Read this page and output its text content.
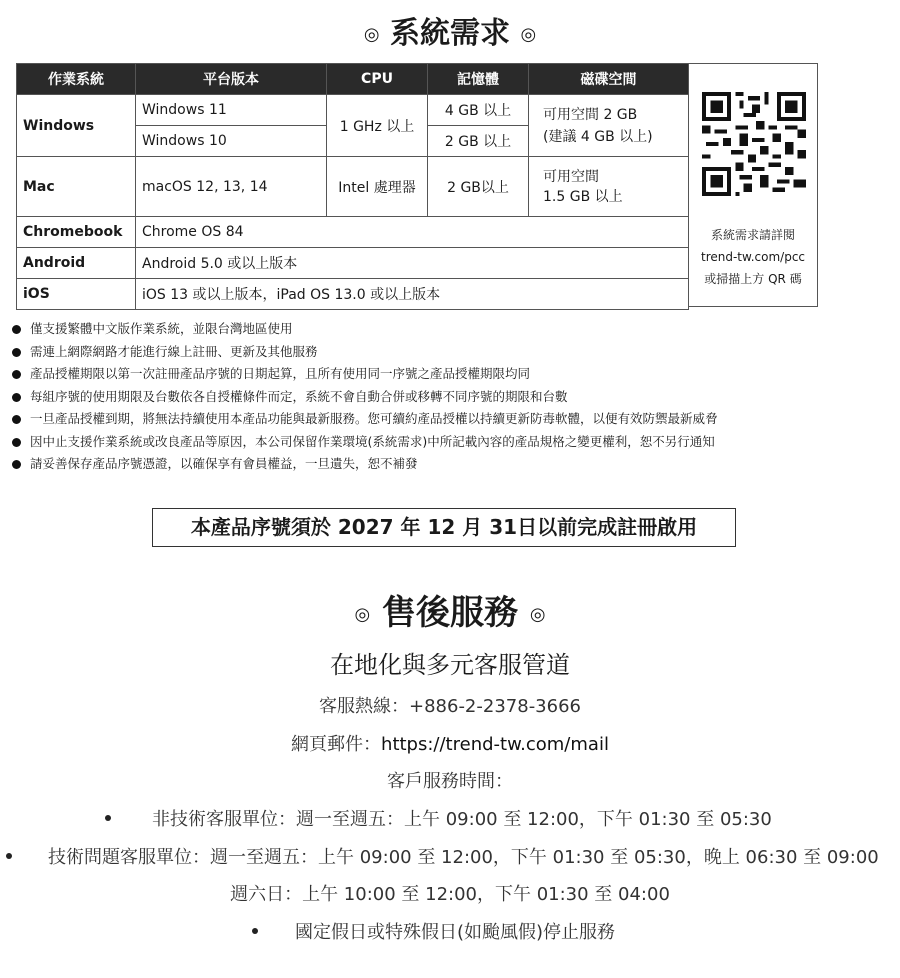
◎ 系統需求 ◎
作業系統	平台版本	CPU	記憶體	磁碟空間
Windows	Windows 11	1 GHz 以上	4 GB 以上	可用空間 2 GB
(建議 4 GB 以上)

	Windows 10		2 GB 以上	
Mac	macOS 12, 13, 14	Intel 處理器	2 GB以上	可用空間
1.5 GB 以上

Chromebook	Chrome OS 84			
Android	Android 5.0 或以上版本			
iOS	iOS 13 或以上版本，iPad OS 13.0 或以上版本			
系統需求請詳閱
trend-tw.com/pcc
或掃描上方 QR 碼
僅支援繁體中文版作業系統，並限台灣地區使用
需連上網際網路才能進行線上註冊、更新及其他服務
產品授權期限以第一次註冊產品序號的日期起算，且所有使用同一序號之產品授權期限均同
每組序號的使用期限及台數依各自授權條件而定，系統不會自動合併或移轉不同序號的期限和台數
一旦產品授權到期，將無法持續使用本產品功能與最新服務。您可續約產品授權以持續更新防毒軟體，以便有效防禦最新威脅
因中止支援作業系統或改良產品等原因，本公司保留作業環境(系統需求)中所記載內容的產品規格之變更權利，恕不另行通知
請妥善保存產品序號憑證，以確保享有會員權益，一旦遺失，恕不補發
本產品序號須於 2027 年 12 月 31日以前完成註冊啟用
◎ 售後服務 ◎
在地化與多元客服管道
客服熱線：+886-2-2378-3666
網頁郵件：https://trend-tw.com/mail
客戶服務時間：
非技術客服單位：週一至週五：上午 09:00 至 12:00，下午 01:30 至 05:30
技術問題客服單位：週一至週五：上午 09:00 至 12:00，下午 01:30 至 05:30，晚上 06:30 至 09:00
週六日：上午 10:00 至 12:00，下午 01:30 至 04:00
國定假日或特殊假日(如颱風假)停止服務
